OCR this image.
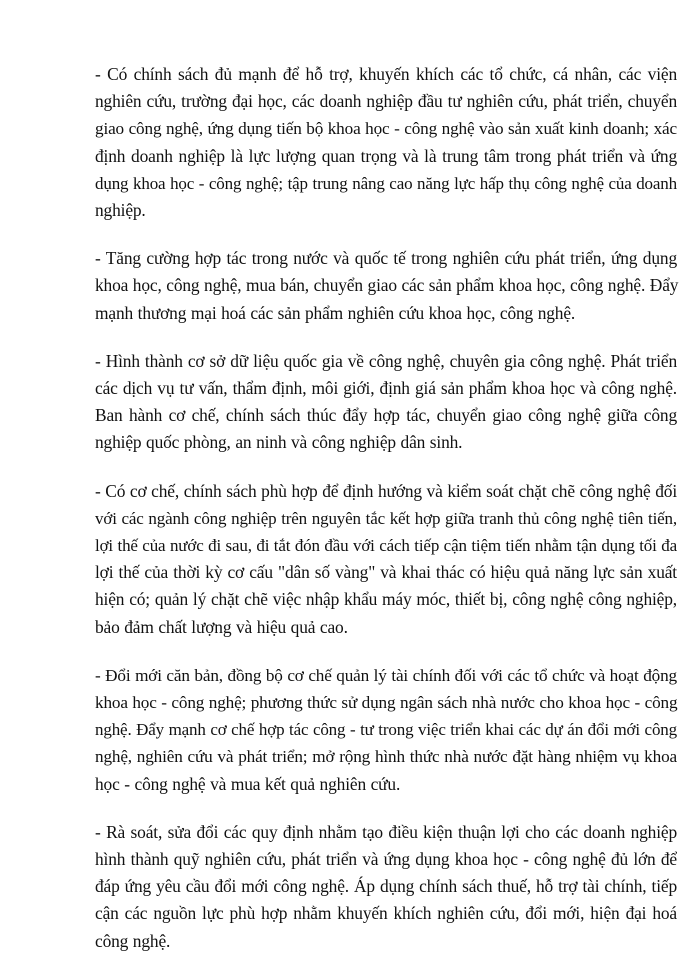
- Có chính sách đủ mạnh để hỗ trợ, khuyến khích các tổ chức, cá nhân, các viện
nghiên cứu, trường đại học, các doanh nghiệp đầu tư nghiên cứu, phát triển, chuyển
giao công nghệ, ứng dụng tiến bộ khoa học - công nghệ vào sản xuất kinh doanh; xác
định doanh nghiệp là lực lượng quan trọng và là trung tâm trong phát triển và ứng
dụng khoa học - công nghệ; tập trung nâng cao năng lực hấp thụ công nghệ của doanh
nghiệp.

- Tăng cường hợp tác trong nước và quốc tế trong nghiên cứu phát triển, ứng dụng
khoa học, công nghệ, mua bán, chuyển giao các sản phẩm khoa học, công nghệ. Đẩy
mạnh thương mại hoá các sản phẩm nghiên cứu khoa học, công nghệ.

- Hình thành cơ sở dữ liệu quốc gia về công nghệ, chuyên gia công nghệ. Phát triển
các dịch vụ tư vấn, thẩm định, môi giới, định giá sản phẩm khoa học và công nghệ.
Ban hành cơ chế, chính sách thúc đẩy hợp tác, chuyển giao công nghệ giữa công
nghiệp quốc phòng, an ninh và công nghiệp dân sinh.

- Có cơ chế, chính sách phù hợp để định hướng và kiểm soát chặt chẽ công nghệ đối
với các ngành công nghiệp trên nguyên tắc kết hợp giữa tranh thủ công nghệ tiên tiến,
lợi thế của nước đi sau, đi tắt đón đầu với cách tiếp cận tiệm tiến nhằm tận dụng tối đa
lợi thế của thời kỳ cơ cấu "dân số vàng" và khai thác có hiệu quả năng lực sản xuất
hiện có; quản lý chặt chẽ việc nhập khẩu máy móc, thiết bị, công nghệ công nghiệp,
bảo đảm chất lượng và hiệu quả cao.

- Đổi mới căn bản, đồng bộ cơ chế quản lý tài chính đối với các tổ chức và hoạt động
khoa học - công nghệ; phương thức sử dụng ngân sách nhà nước cho khoa học - công
nghệ. Đẩy mạnh cơ chế hợp tác công - tư trong việc triển khai các dự án đổi mới công
nghệ, nghiên cứu và phát triển; mở rộng hình thức nhà nước đặt hàng nhiệm vụ khoa
học - công nghệ và mua kết quả nghiên cứu.

- Rà soát, sửa đổi các quy định nhằm tạo điều kiện thuận lợi cho các doanh nghiệp
hình thành quỹ nghiên cứu, phát triển và ứng dụng khoa học - công nghệ đủ lớn để
đáp ứng yêu cầu đổi mới công nghệ. Áp dụng chính sách thuế, hỗ trợ tài chính, tiếp
cận các nguồn lực phù hợp nhằm khuyến khích nghiên cứu, đổi mới, hiện đại hoá
công nghệ.
